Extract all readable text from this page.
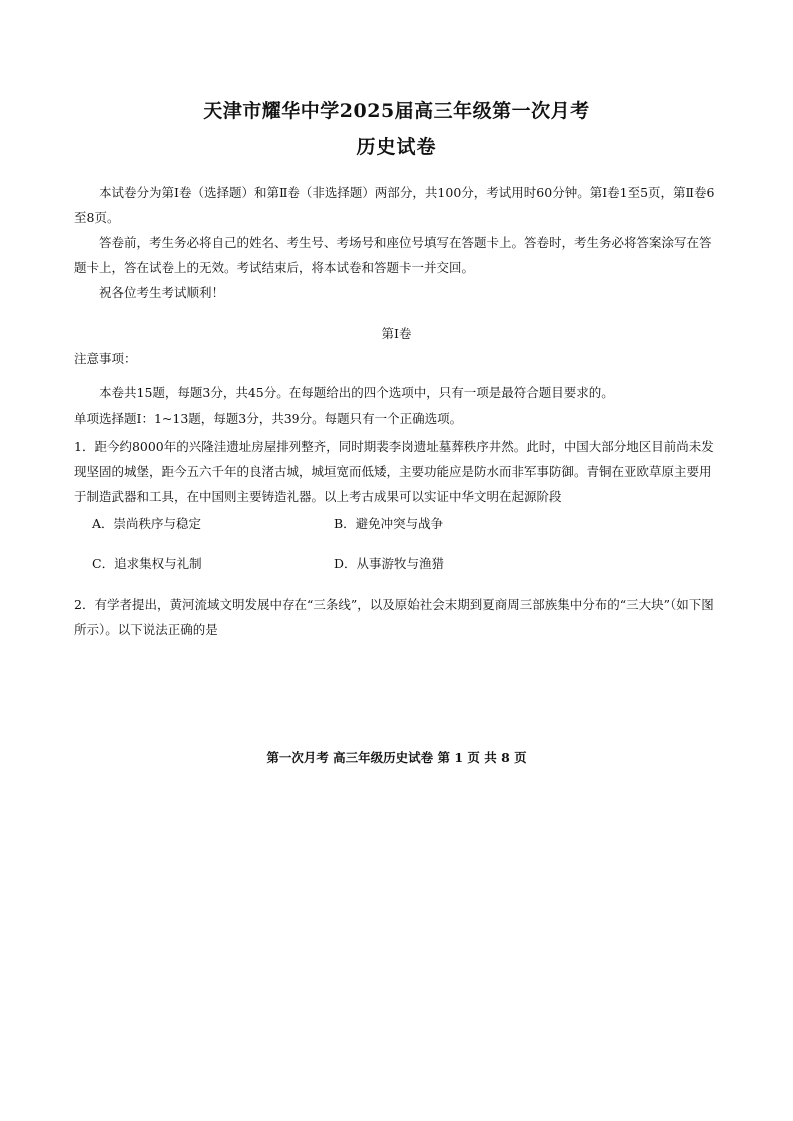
天津市耀华中学2025届高三年级第一次月考
历史试卷
本试卷分为第Ⅰ卷（选择题）和第Ⅱ卷（非选择题）两部分，共100分，考试用时60分钟。第Ⅰ卷1至5页，第Ⅱ卷6至8页。
答卷前，考生务必将自己的姓名、考生号、考场号和座位号填写在答题卡上。答卷时，考生务必将答案涂写在答题卡上，答在试卷上的无效。考试结束后，将本试卷和答题卡一并交回。
祝各位考生考试顺利！
第Ⅰ卷
注意事项：
本卷共15题，每题3分，共45分。在每题给出的四个选项中，只有一项是最符合题目要求的。
单项选择题Ⅰ：1~13题，每题3分，共39分。每题只有一个正确选项。
1．距今约8000年的兴隆洼遗址房屋排列整齐，同时期裴李岗遗址墓葬秩序井然。此时，中国大部分地区目前尚未发现坚固的城堡，距今五六千年的良渚古城，城垣宽而低矮，主要功能应是防水而非军事防御。青铜在亚欧草原主要用于制造武器和工具，在中国则主要铸造礼器。以上考古成果可以实证中华文明在起源阶段
A．崇尚秩序与稳定	B．避免冲突与战争
C．追求集权与礼制	D．从事游牧与渔猎
2．有学者提出，黄河流域文明发展中存在“三条线”，以及原始社会末期到夏商周三部族集中分布的“三大块”（如下图所示）。以下说法正确的是
第一次月考 高三年级历史试卷 第 1 页 共 8 页
